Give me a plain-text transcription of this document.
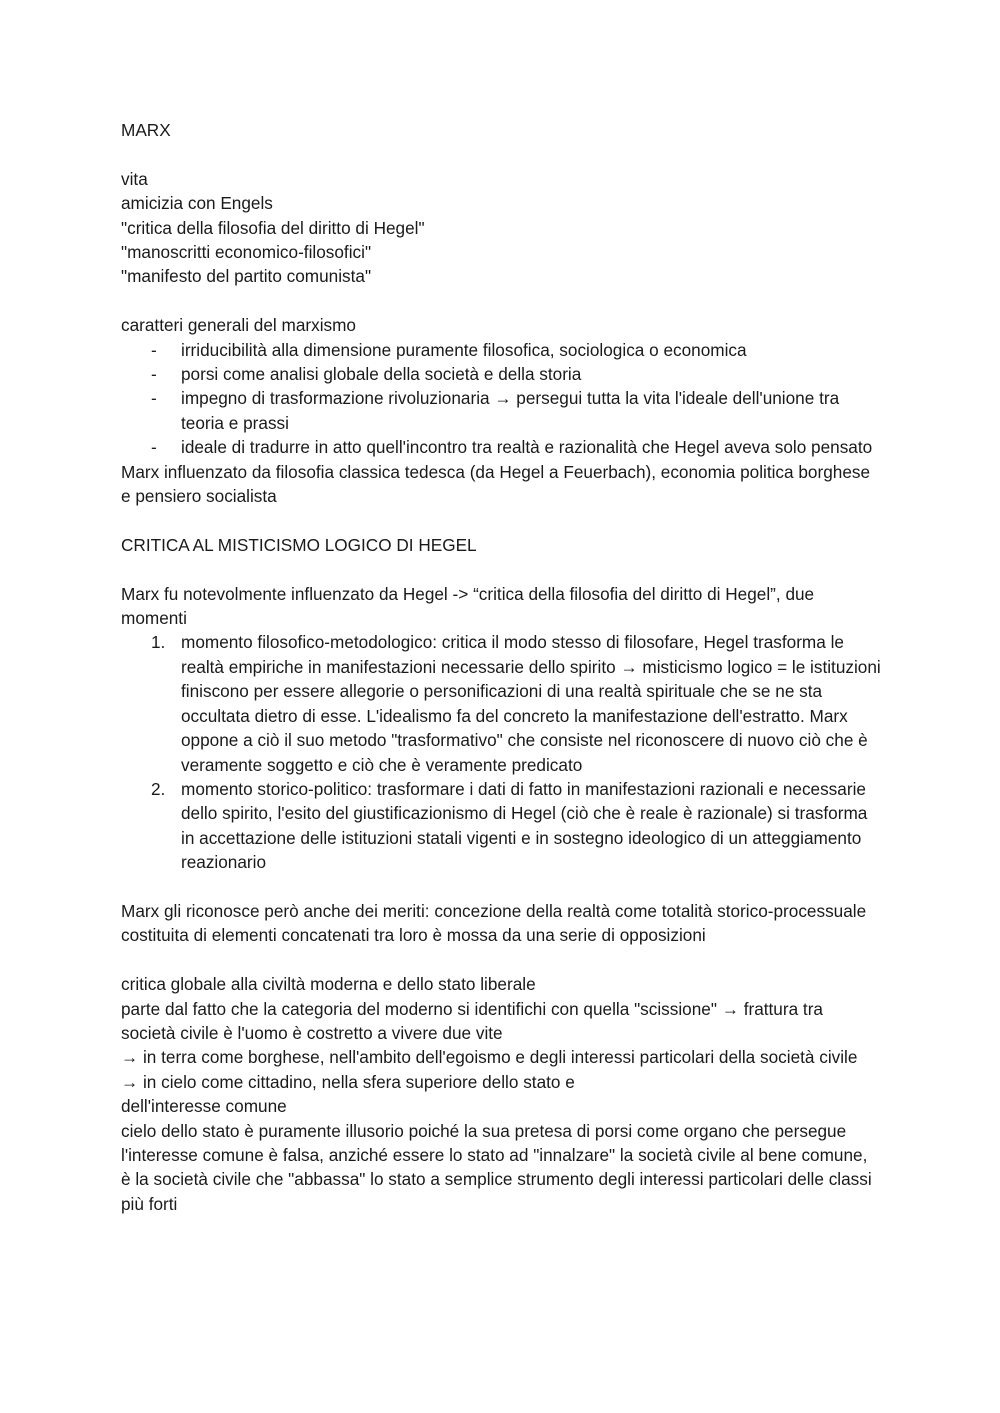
MARX

vita

amicizia con Engels

"critica della filosofia del diritto di Hegel"

"manoscritti economico-filosofici"

"manifesto del partito comunista"

caratteri generali del marxismo

- irriducibilità alla dimensione puramente filosofica, sociologica o economica
- porsi come analisi globale della società e della storia
- impegno di trasformazione rivoluzionaria → persegui tutta la vita l'ideale dell'unione tra teoria e prassi
- ideale di tradurre in atto quell'incontro tra realtà e razionalità che Hegel aveva solo pensato

Marx influenzato da filosofia classica tedesca (da Hegel a Feuerbach), economia politica borghese e pensiero socialista

CRITICA AL MISTICISMO LOGICO DI HEGEL

Marx fu notevolmente influenzato da Hegel -> “critica della filosofia del diritto di Hegel”, due momenti

1. momento filosofico-metodologico: critica il modo stesso di filosofare, Hegel trasforma le realtà empiriche in manifestazioni necessarie dello spirito → misticismo logico = le istituzioni finiscono per essere allegorie o personificazioni di una realtà spirituale che se ne sta occultata dietro di esse. L'idealismo fa del concreto la manifestazione dell'estratto. Marx oppone a ciò il suo metodo "trasformativo" che consiste nel riconoscere di nuovo ciò che è veramente soggetto e ciò che è veramente predicato
2. momento storico-politico: trasformare i dati di fatto in manifestazioni razionali e necessarie dello spirito, l'esito del giustificazionismo di Hegel (ciò che è reale è razionale) si trasforma in accettazione delle istituzioni statali vigenti e in sostegno ideologico di un atteggiamento reazionario

Marx gli riconosce però anche dei meriti: concezione della realtà come totalità storico-processuale costituita di elementi concatenati tra loro è mossa da una serie di opposizioni

critica globale alla civiltà moderna e dello stato liberale

parte dal fatto che la categoria del moderno si identifichi con quella "scissione" → frattura tra società civile è l'uomo è costretto a vivere due vite

→ in terra come borghese, nell'ambito dell'egoismo e degli interessi particolari della società civile

→ in cielo come cittadino, nella sfera superiore dello stato e

dell'interesse comune

cielo dello stato è puramente illusorio poiché la sua pretesa di porsi come organo che persegue l'interesse comune è falsa, anziché essere lo stato ad "innalzare" la società civile al bene comune, è la società civile che "abbassa" lo stato a semplice strumento degli interessi particolari delle classi più forti
